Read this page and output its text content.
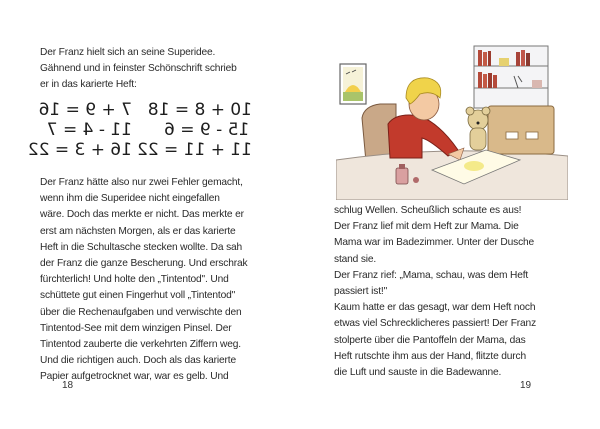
Der Franz hielt sich an seine Superidee.
Gähnend und in feinster Schönschrift schrieb
er in das karierte Heft:
7 + 9 = 16
11 - 4 = 7
16 + 3 = 22
10 + 8 = 18
15 - 9 = 6
11 + 11 = 22
Der Franz hätte also nur zwei Fehler gemacht,
wenn ihm die Superidee nicht eingefallen
wäre. Doch das merkte er nicht. Das merkte er
erst am nächsten Morgen, als er das karierte
Heft in die Schultasche stecken wollte. Da sah
der Franz die ganze Bescherung. Und erschrak
fürchterlich! Und holte den „Tintentod". Und
schüttete gut einen Fingerhut voll „Tintentod"
über die Rechenaufgaben und verwischte den
Tintentod-See mit dem winzigen Pinsel. Der
Tintentod zauberte die verkehrten Ziffern weg.
Und die richtigen auch. Doch als das karierte
Papier aufgetrocknet war, war es gelb. Und
18
schlug Wellen. Scheußlich schaute es aus!
Der Franz lief mit dem Heft zur Mama. Die
Mama war im Badezimmer. Unter der Dusche
stand sie.
Der Franz rief: „Mama, schau, was dem Heft
passiert ist!"
Kaum hatte er das gesagt, war dem Heft noch
etwas viel Schrecklicheres passiert! Der Franz
stolperte über die Pantoffeln der Mama, das
Heft rutschte ihm aus der Hand, flitzte durch
die Luft und sauste in die Badewanne.
19
